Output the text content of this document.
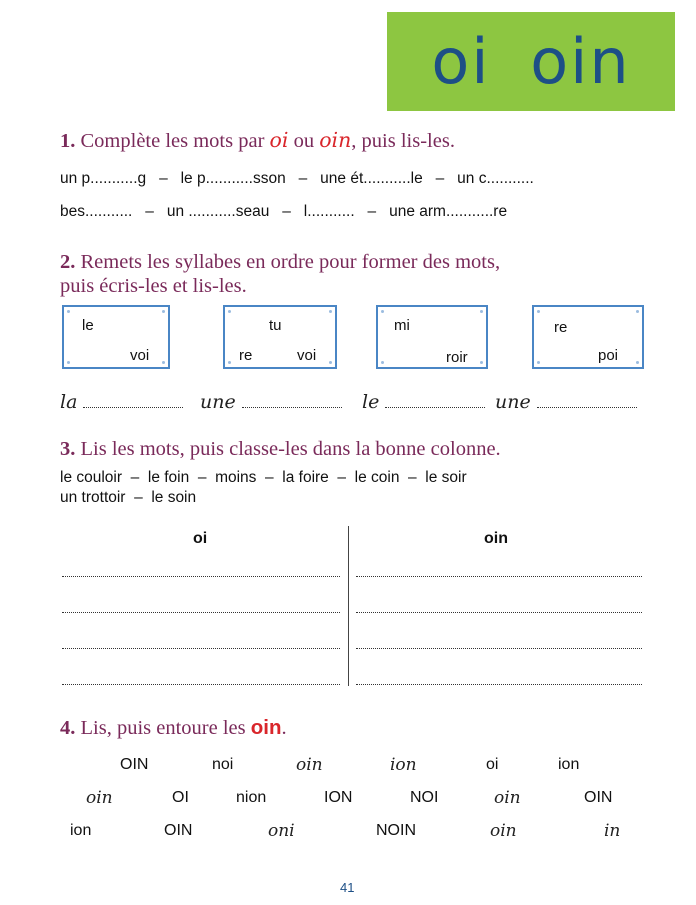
oi oin
1. Complète les mots par oi ou oin, puis lis-les.
un p...........g   –   le p...........sson   –   une ét...........le   –   un c...........
bes...........   –   un ...........seau   –   l...........   –   une arm...........re
2. Remets les syllabes en ordre pour former des mots,
puis écris-les et lis-les.
le
voi
tu
re	voi
mi
roir
re
poi
la	une	le	une
3. Lis les mots, puis classe-les dans la bonne colonne.
le couloir  –  le foin  –  moins  –  la foire  –  le coin  –  le soir
un trottoir  –  le soin
oi	oin
4. Lis, puis entoure les oin.
OIN	noi	oin	ion	oi	ion
oin	OI	nion	ION	NOI	oin	OIN
ion	OIN	oni	NOIN	oin	in
41
